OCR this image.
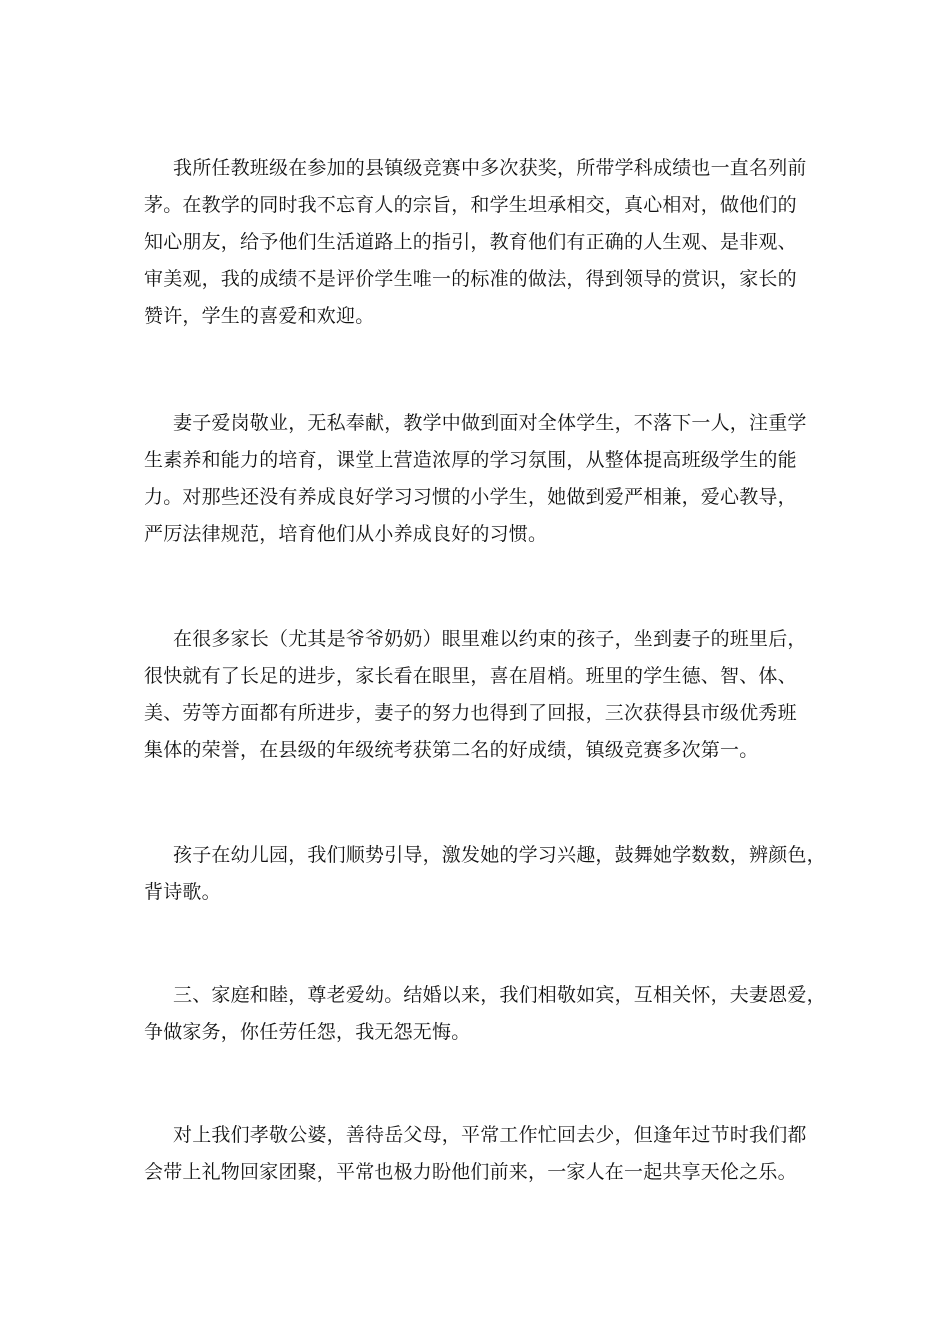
我所任教班级在参加的县镇级竞赛中多次获奖，所带学科成绩也一直名列前
茅。在教学的同时我不忘育人的宗旨，和学生坦承相交，真心相对，做他们的
知心朋友，给予他们生活道路上的指引，教育他们有正确的人生观、是非观、
审美观，我的成绩不是评价学生唯一的标准的做法，得到领导的赏识，家长的
赞许，学生的喜爱和欢迎。

妻子爱岗敬业，无私奉献，教学中做到面对全体学生，不落下一人，注重学
生素养和能力的培育，课堂上营造浓厚的学习氛围，从整体提高班级学生的能
力。对那些还没有养成良好学习习惯的小学生，她做到爱严相兼，爱心教导，
严厉法律规范，培育他们从小养成良好的习惯。

在很多家长（尤其是爷爷奶奶）眼里难以约束的孩子，坐到妻子的班里后，
很快就有了长足的进步，家长看在眼里，喜在眉梢。班里的学生德、智、体、
美、劳等方面都有所进步，妻子的努力也得到了回报，三次获得县市级优秀班
集体的荣誉，在县级的年级统考获第二名的好成绩，镇级竞赛多次第一。

孩子在幼儿园，我们顺势引导，激发她的学习兴趣，鼓舞她学数数，辨颜色，
背诗歌。

三、家庭和睦，尊老爱幼。结婚以来，我们相敬如宾，互相关怀，夫妻恩爱，
争做家务，你任劳任怨，我无怨无悔。

对上我们孝敬公婆，善待岳父母，平常工作忙回去少，但逢年过节时我们都
会带上礼物回家团聚，平常也极力盼他们前来，一家人在一起共享天伦之乐。
